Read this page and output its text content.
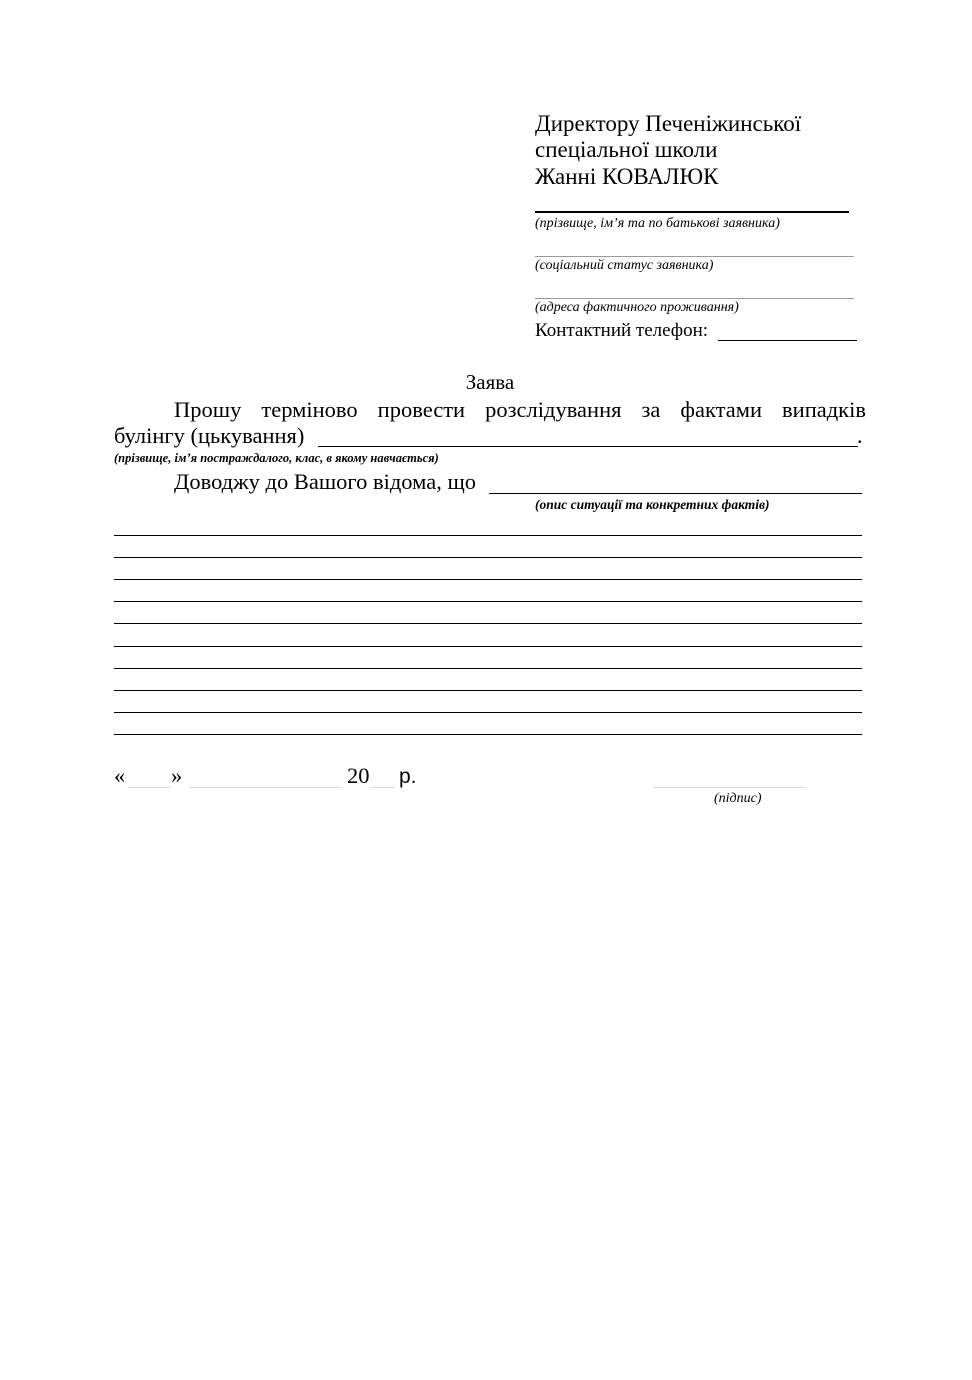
Директору Печеніжинської
спеціальної школи
Жанні КОВАЛЮК
(прізвище, ім’я та по батькові заявника)
(соціальний статус заявника)
(адреса фактичного проживання)
Контактний телефон:
Заява
Прошу терміново провести розслідування за фактами випадків
булінгу (цькування)	.
(прізвище, ім’я постраждалого, клас, в якому навчається)
Доводжу до Вашого відома, що
(опис ситуації та конкретних фактів)
« »	20 р.
(підпис)
